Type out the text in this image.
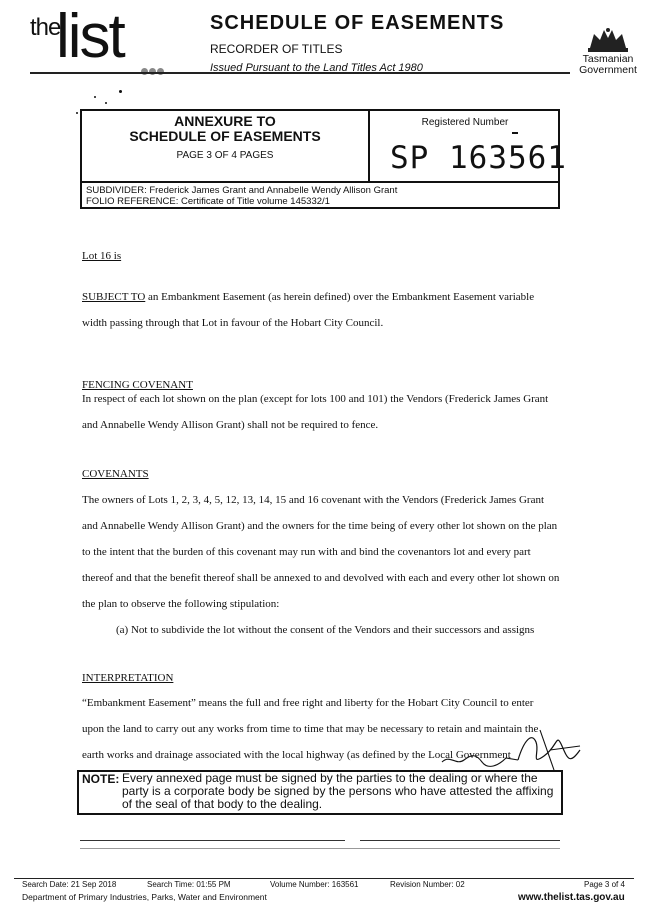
the
list	SCHEDULE OF EASEMENTS
RECORDER OF TITLES
Issued Pursuant to the Land Titles Act 1980
Tasmanian
Government
ANNEXURE TO
SCHEDULE OF EASEMENTS
PAGE 3 OF 4 PAGES
Registered Number
SP 163561
SUBDIVIDER: Frederick James Grant and Annabelle Wendy Allison Grant
FOLIO REFERENCE: Certificate of Title volume 145332/1
Lot 16 is
SUBJECT TO an Embankment Easement (as herein defined) over the Embankment Easement variable
width passing through that Lot in favour of the Hobart City Council.
FENCING COVENANT
In respect of each lot shown on the plan (except for lots 100 and 101) the Vendors (Frederick James Grant
and Annabelle Wendy Allison Grant) shall not be required to fence.
COVENANTS
The owners of Lots 1, 2, 3, 4, 5, 12, 13, 14, 15 and 16 covenant with the Vendors (Frederick James Grant
and Annabelle Wendy Allison Grant) and the owners for the time being of every other lot shown on the plan
to the intent that the burden of this covenant may run with and bind the covenantors lot and every part
thereof and that the benefit thereof shall be annexed to and devolved with each and every other lot shown on
the plan to observe the following stipulation:
(a) Not to subdivide the lot without the consent of the Vendors and their successors and assigns
INTERPRETATION
“Embankment Easement” means the full and free right and liberty for the Hobart City Council to enter
upon the land to carry out any works from time to time that may be necessary to retain and maintain the
earth works and drainage associated with the local highway (as defined by the Local Government
NOTE: Every annexed page must be signed by the parties to the dealing or where the party is a corporate body be signed by the persons who have attested the affixing of the seal of that body to the dealing.
Search Date: 21 Sep 2018	Search Time: 01:55 PM	Volume Number: 163561	Revision Number: 02	Page 3 of 4
Department of Primary Industries, Parks, Water and Environment	www.thelist.tas.gov.au
